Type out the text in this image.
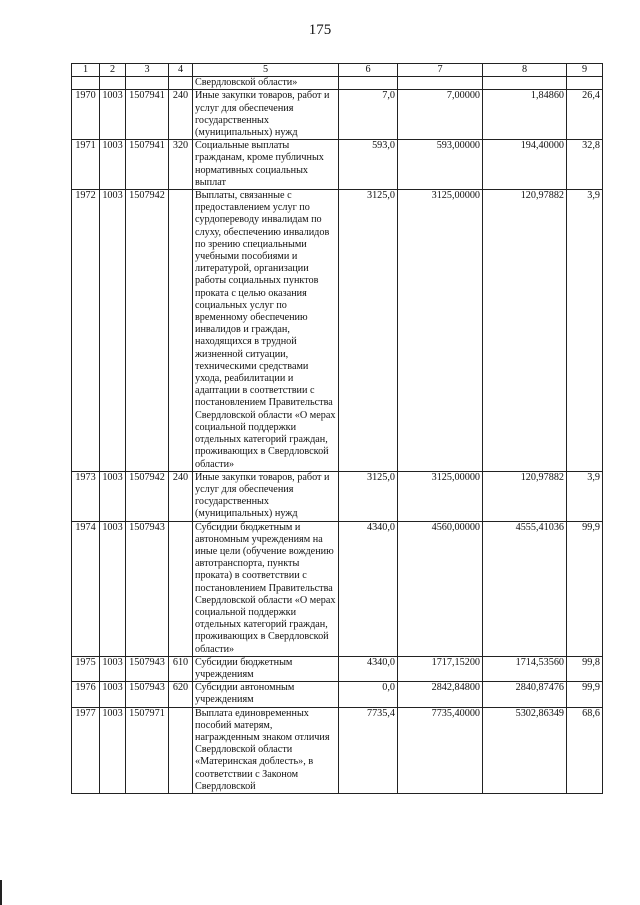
175
1	2	3	4	5	6	7	8	9
				Свердловской области»				
1970	1003	1507941	240	Иные закупки товаров, работ и услуг для обеспечения государственных (муниципальных) нужд	7,0	7,00000	1,84860	26,4
1971	1003	1507941	320	Социальные выплаты гражданам, кроме публичных нормативных социальных выплат	593,0	593,00000	194,40000	32,8
1972	1003	1507942		Выплаты, связанные с предоставлением услуг по сурдопереводу инвалидам по слуху, обеспечению инвалидов по зрению специальными учебными пособиями и литературой, организации работы социальных пунктов проката с целью оказания социальных услуг по временному обеспечению инвалидов и граждан, находящихся в трудной жизненной ситуации, техническими средствами ухода, реабилитации и адаптации в соответствии с постановлением Правительства Свердловской области «О мерах социальной поддержки отдельных категорий граждан, проживающих в Свердловской области»	3125,0	3125,00000	120,97882	3,9
1973	1003	1507942	240	Иные закупки товаров, работ и услуг для обеспечения государственных (муниципальных) нужд	3125,0	3125,00000	120,97882	3,9
1974	1003	1507943		Субсидии бюджетным и автономным учреждениям на иные цели (обучение вождению автотранспорта, пункты проката) в соответствии с постановлением Правительства Свердловской области «О мерах социальной поддержки отдельных категорий граждан, проживающих в Свердловской области»	4340,0	4560,00000	4555,41036	99,9
1975	1003	1507943	610	Субсидии бюджетным учреждениям	4340,0	1717,15200	1714,53560	99,8
1976	1003	1507943	620	Субсидии автономным учреждениям	0,0	2842,84800	2840,87476	99,9
1977	1003	1507971		Выплата единовременных пособий матерям, награжденным знаком отличия Свердловской области «Материнская доблесть», в соответствии с Законом Свердловской	7735,4	7735,40000	5302,86349	68,6
